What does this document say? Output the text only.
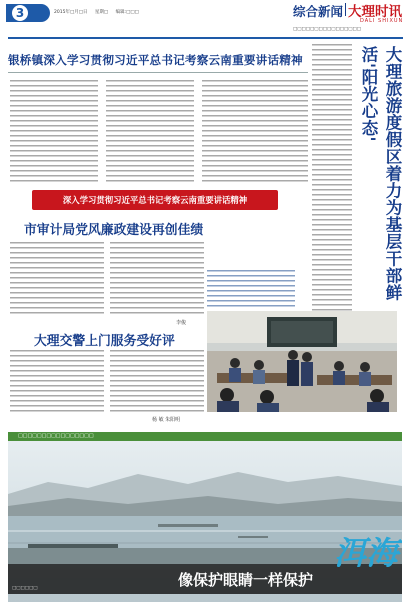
3	2015年□月□日 星期□ 编辑:□□□	综合新闻 大理时讯
DALI SHIXUN
□□□□□□□□□□□□□□□□
银桥镇深入学习贯彻习近平总书记考察云南重要讲话精神
深入学习贯彻习近平总书记考察云南重要讲话精神	大理旅游度假区着力为基层干部鲜活'阳光心态'
市审计局党风廉政建设再创佳绩
李俊
大理交警上门服务受好评
杨 敏 朱阳明
□□□□□□□□□□□□□□□□
像保护眼睛一样保护
洱海
□□□□□□
